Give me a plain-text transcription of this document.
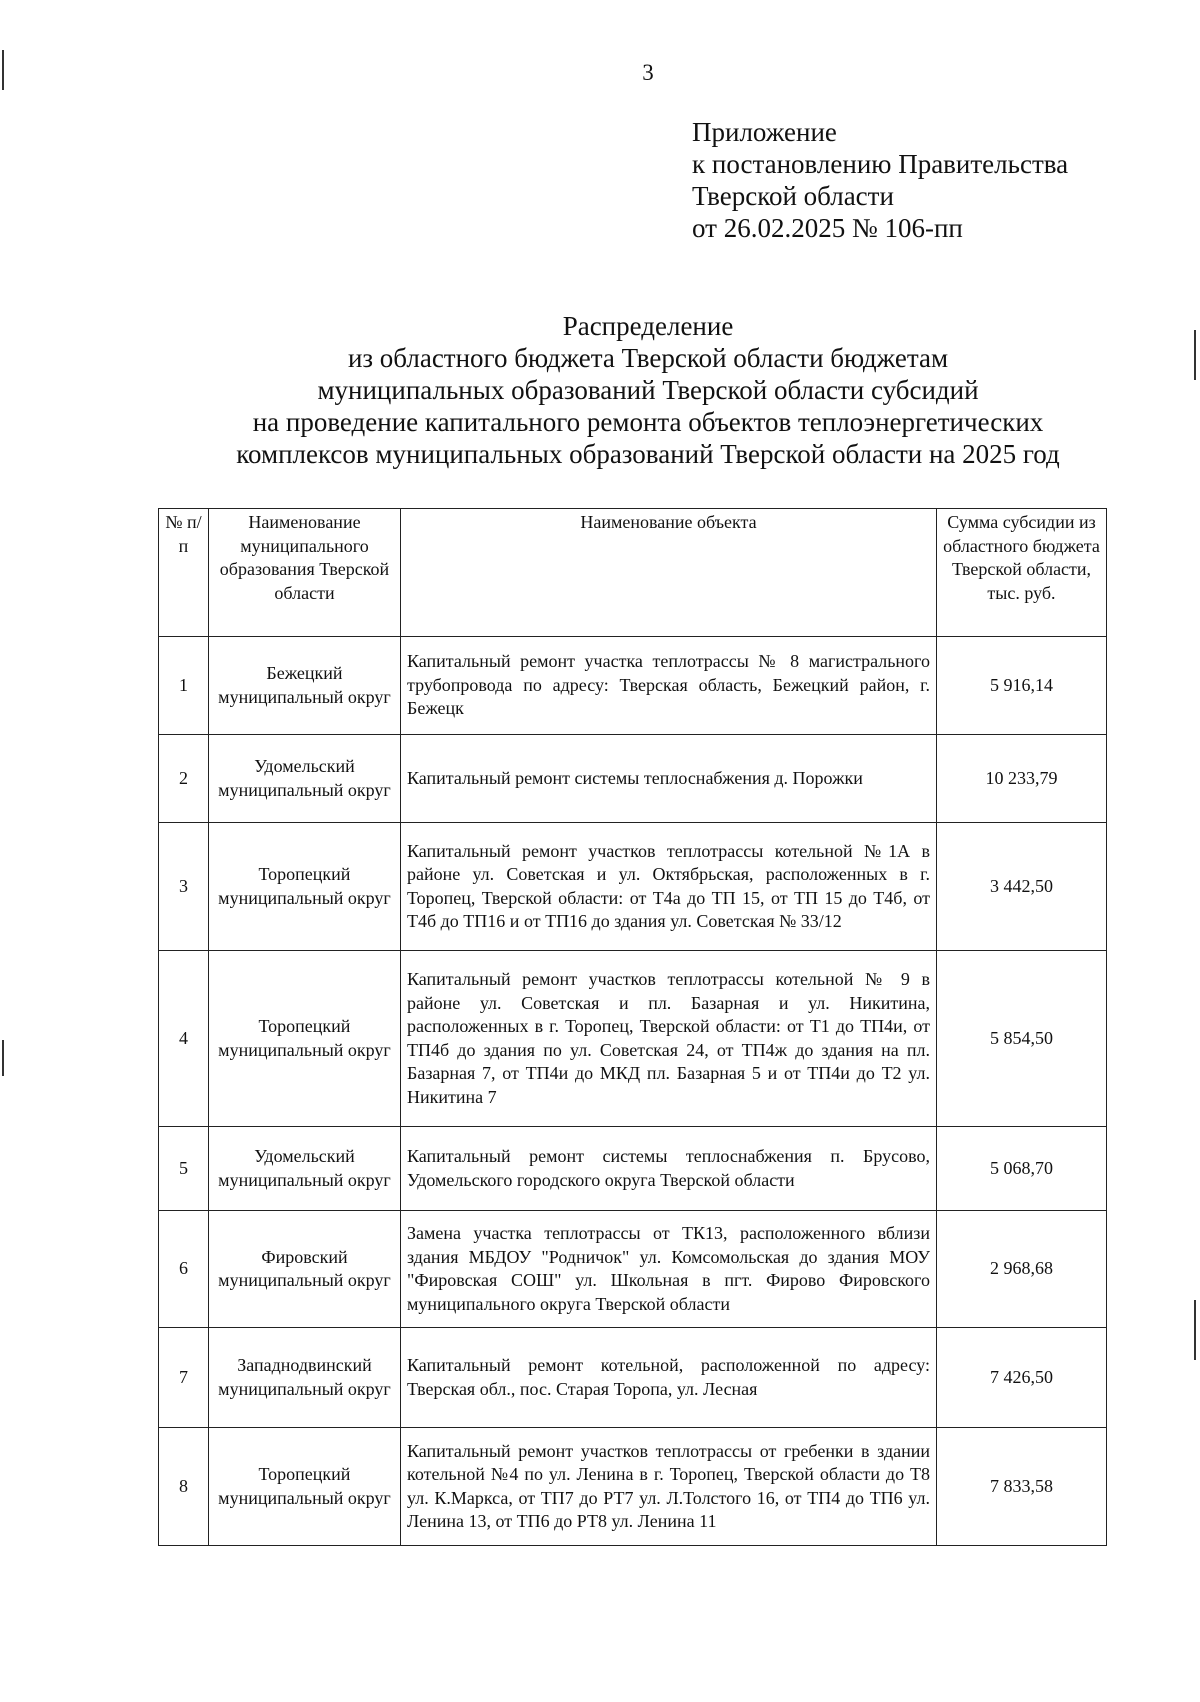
3
Приложение
к постановлению Правительства
Тверской области
от 26.02.2025 № 106-пп
Распределение
из областного бюджета Тверской области бюджетам
муниципальных образований Тверской области субсидий
на проведение капитального ремонта объектов теплоэнергетических
комплексов муниципальных образований Тверской области на 2025 год
№ п/п	Наименование муниципального образования Тверской области	Наименование объекта	Сумма субсидии из областного бюджета Тверской области, тыс. руб.
1	Бежецкий муниципальный округ	Капитальный ремонт участка теплотрассы № 8 магистрального трубопровода по адресу: Тверская область, Бежецкий район, г. Бежецк	5 916,14
2	Удомельский муниципальный округ	Капитальный ремонт системы теплоснабжения д. Порожки	10 233,79
3	Торопецкий муниципальный округ	Капитальный ремонт участков теплотрассы котельной №1А в районе ул. Советская и ул. Октябрьская, расположенных в г. Торопец, Тверской области: от Т4а до ТП 15, от ТП 15 до Т4б, от Т4б до ТП16 и от ТП16 до здания ул. Советская № 33/12	3 442,50
4	Торопецкий муниципальный округ	Капитальный ремонт участков теплотрассы котельной № 9 в районе ул. Советская и пл. Базарная и ул. Никитина, расположенных в г. Торопец, Тверской области: от Т1 до ТП4и, от ТП4б до здания по ул. Советская 24, от ТП4ж до здания на пл. Базарная 7, от ТП4и до МКД пл. Базарная 5 и от ТП4и до Т2 ул. Никитина 7	5 854,50
5	Удомельский муниципальный округ	Капитальный ремонт системы теплоснабжения п. Брусово, Удомельского городского округа Тверской области	5 068,70
6	Фировский муниципальный округ	Замена участка теплотрассы от ТК13, расположенного вблизи здания МБДОУ "Родничок" ул. Комсомольская до здания МОУ "Фировская СОШ" ул. Школьная в пгт. Фирово Фировского муниципального округа Тверской области	2 968,68
7	Западнодвинский муниципальный округ	Капитальный ремонт котельной, расположенной по адресу: Тверская обл., пос. Старая Торопа, ул. Лесная	7 426,50
8	Торопецкий муниципальный округ	Капитальный ремонт участков теплотрассы от гребенки в здании котельной №4 по ул. Ленина в г. Торопец, Тверской области до Т8 ул. К.Маркса, от ТП7 до РТ7 ул. Л.Толстого 16, от ТП4 до ТП6 ул. Ленина 13, от ТП6 до РТ8 ул. Ленина 11	7 833,58
